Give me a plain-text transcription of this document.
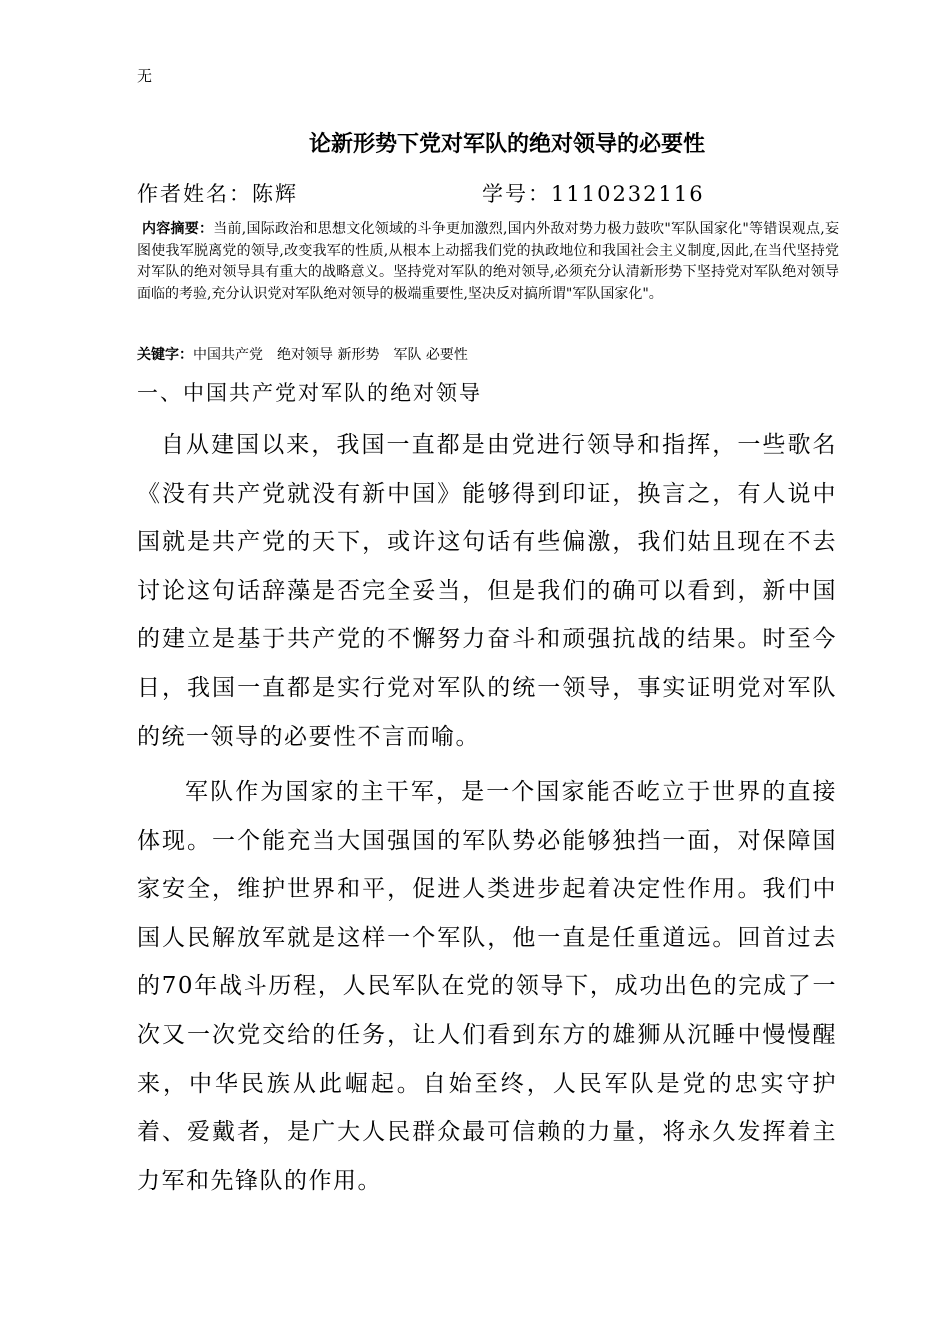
无
论新形势下党对军队的绝对领导的必要性
作者姓名：陈辉	学号：1110232116
内容摘要：当前,国际政治和思想文化领域的斗争更加激烈,国内外敌对势力极力鼓吹"军队国家化"等错误观点,妄图使我军脱离党的领导,改变我军的性质,从根本上动摇我们党的执政地位和我国社会主义制度,因此,在当代坚持党对军队的绝对领导具有重大的战略意义。坚持党对军队的绝对领导,必须充分认清新形势下坚持党对军队绝对领导面临的考验,充分认识党对军队绝对领导的极端重要性,坚决反对搞所谓"军队国家化"。
关键字：中国共产党　绝对领导 新形势　军队 必要性
一、中国共产党对军队的绝对领导
自从建国以来，我国一直都是由党进行领导和指挥，一些歌名《没有共产党就没有新中国》能够得到印证，换言之，有人说中国就是共产党的天下，或许这句话有些偏激，我们姑且现在不去讨论这句话辞藻是否完全妥当，但是我们的确可以看到，新中国的建立是基于共产党的不懈努力奋斗和顽强抗战的结果。时至今日，我国一直都是实行党对军队的统一领导，事实证明党对军队的统一领导的必要性不言而喻。
军队作为国家的主干军，是一个国家能否屹立于世界的直接体现。一个能充当大国强国的军队势必能够独挡一面，对保障国家安全，维护世界和平，促进人类进步起着决定性作用。我们中国人民解放军就是这样一个军队，他一直是任重道远。回首过去的70年战斗历程，人民军队在党的领导下，成功出色的完成了一次又一次党交给的任务，让人们看到东方的雄狮从沉睡中慢慢醒来，中华民族从此崛起。自始至终，人民军队是党的忠实守护着、爱戴者，是广大人民群众最可信赖的力量，将永久发挥着主力军和先锋队的作用。
